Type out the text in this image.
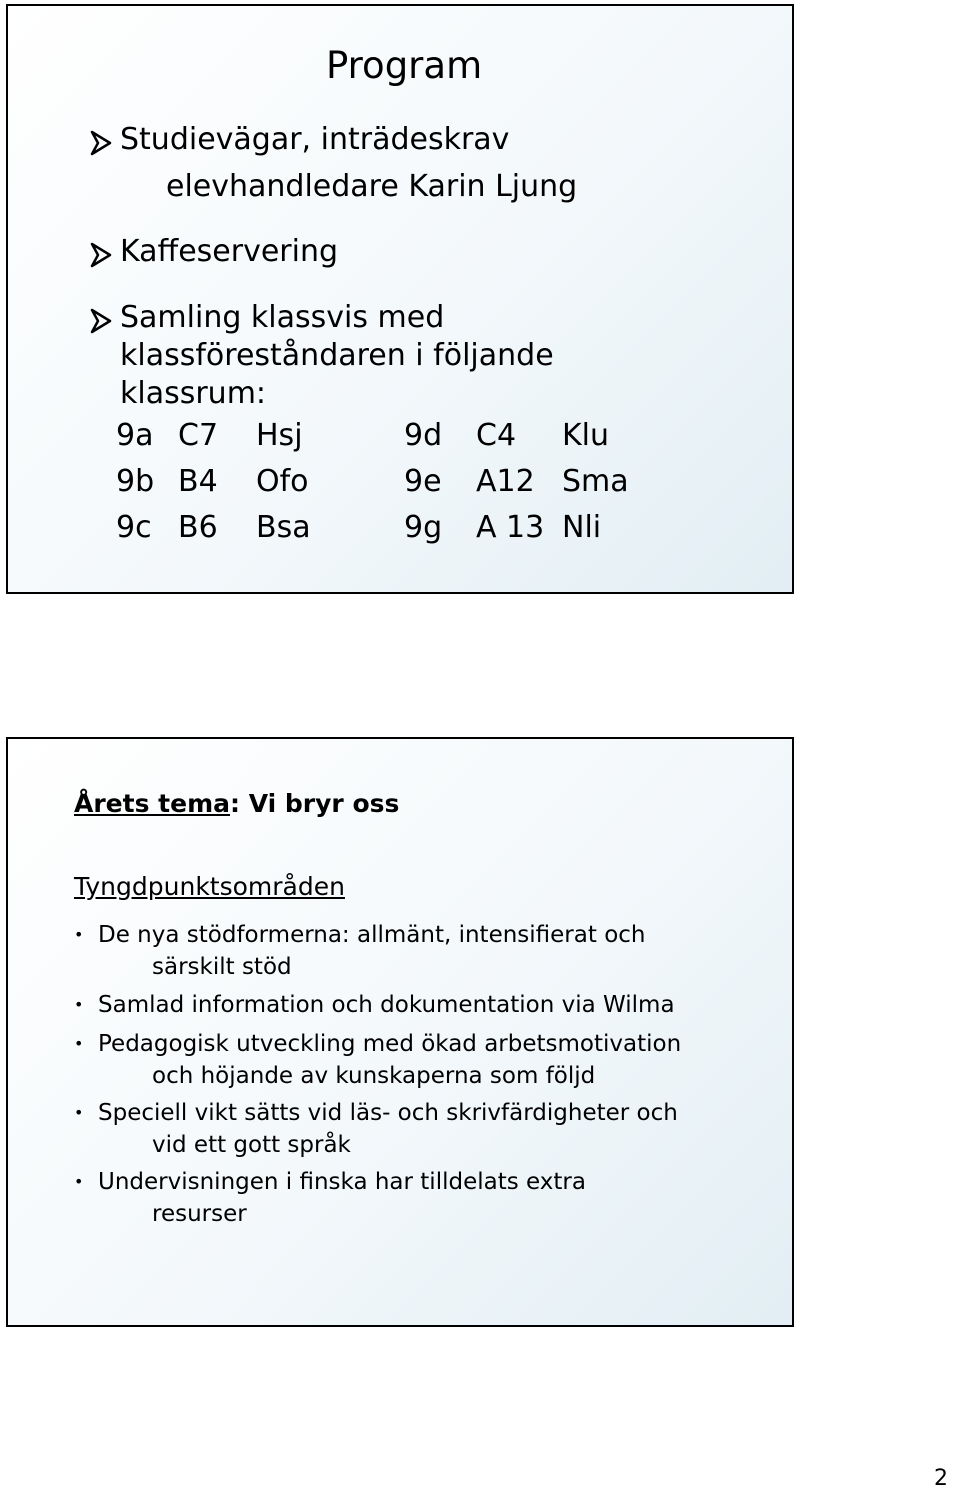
Program
Studievägar, inträdeskrav
elevhandledare Karin Ljung
Kaffeservering
Samling klassvis med
klassföreståndaren i följande
klassrum:
9a C7	Hsj	9d	C4	Klu
9b B4	Ofo	9e	A12 Sma
9c B6	Bsa	9g	A 13 Nli
Årets tema: Vi bryr oss
Tyngdpunktsområden
• De nya stödformerna: allmänt, intensifierat och
särskilt stöd
• Samlad information och dokumentation via Wilma
• Pedagogisk utveckling med ökad arbetsmotivation
och höjande av kunskaperna som följd
• Speciell vikt sätts vid läs- och skrivfärdigheter och
vid ett gott språk
• Undervisningen i finska har tilldelats extra
resurser
2
